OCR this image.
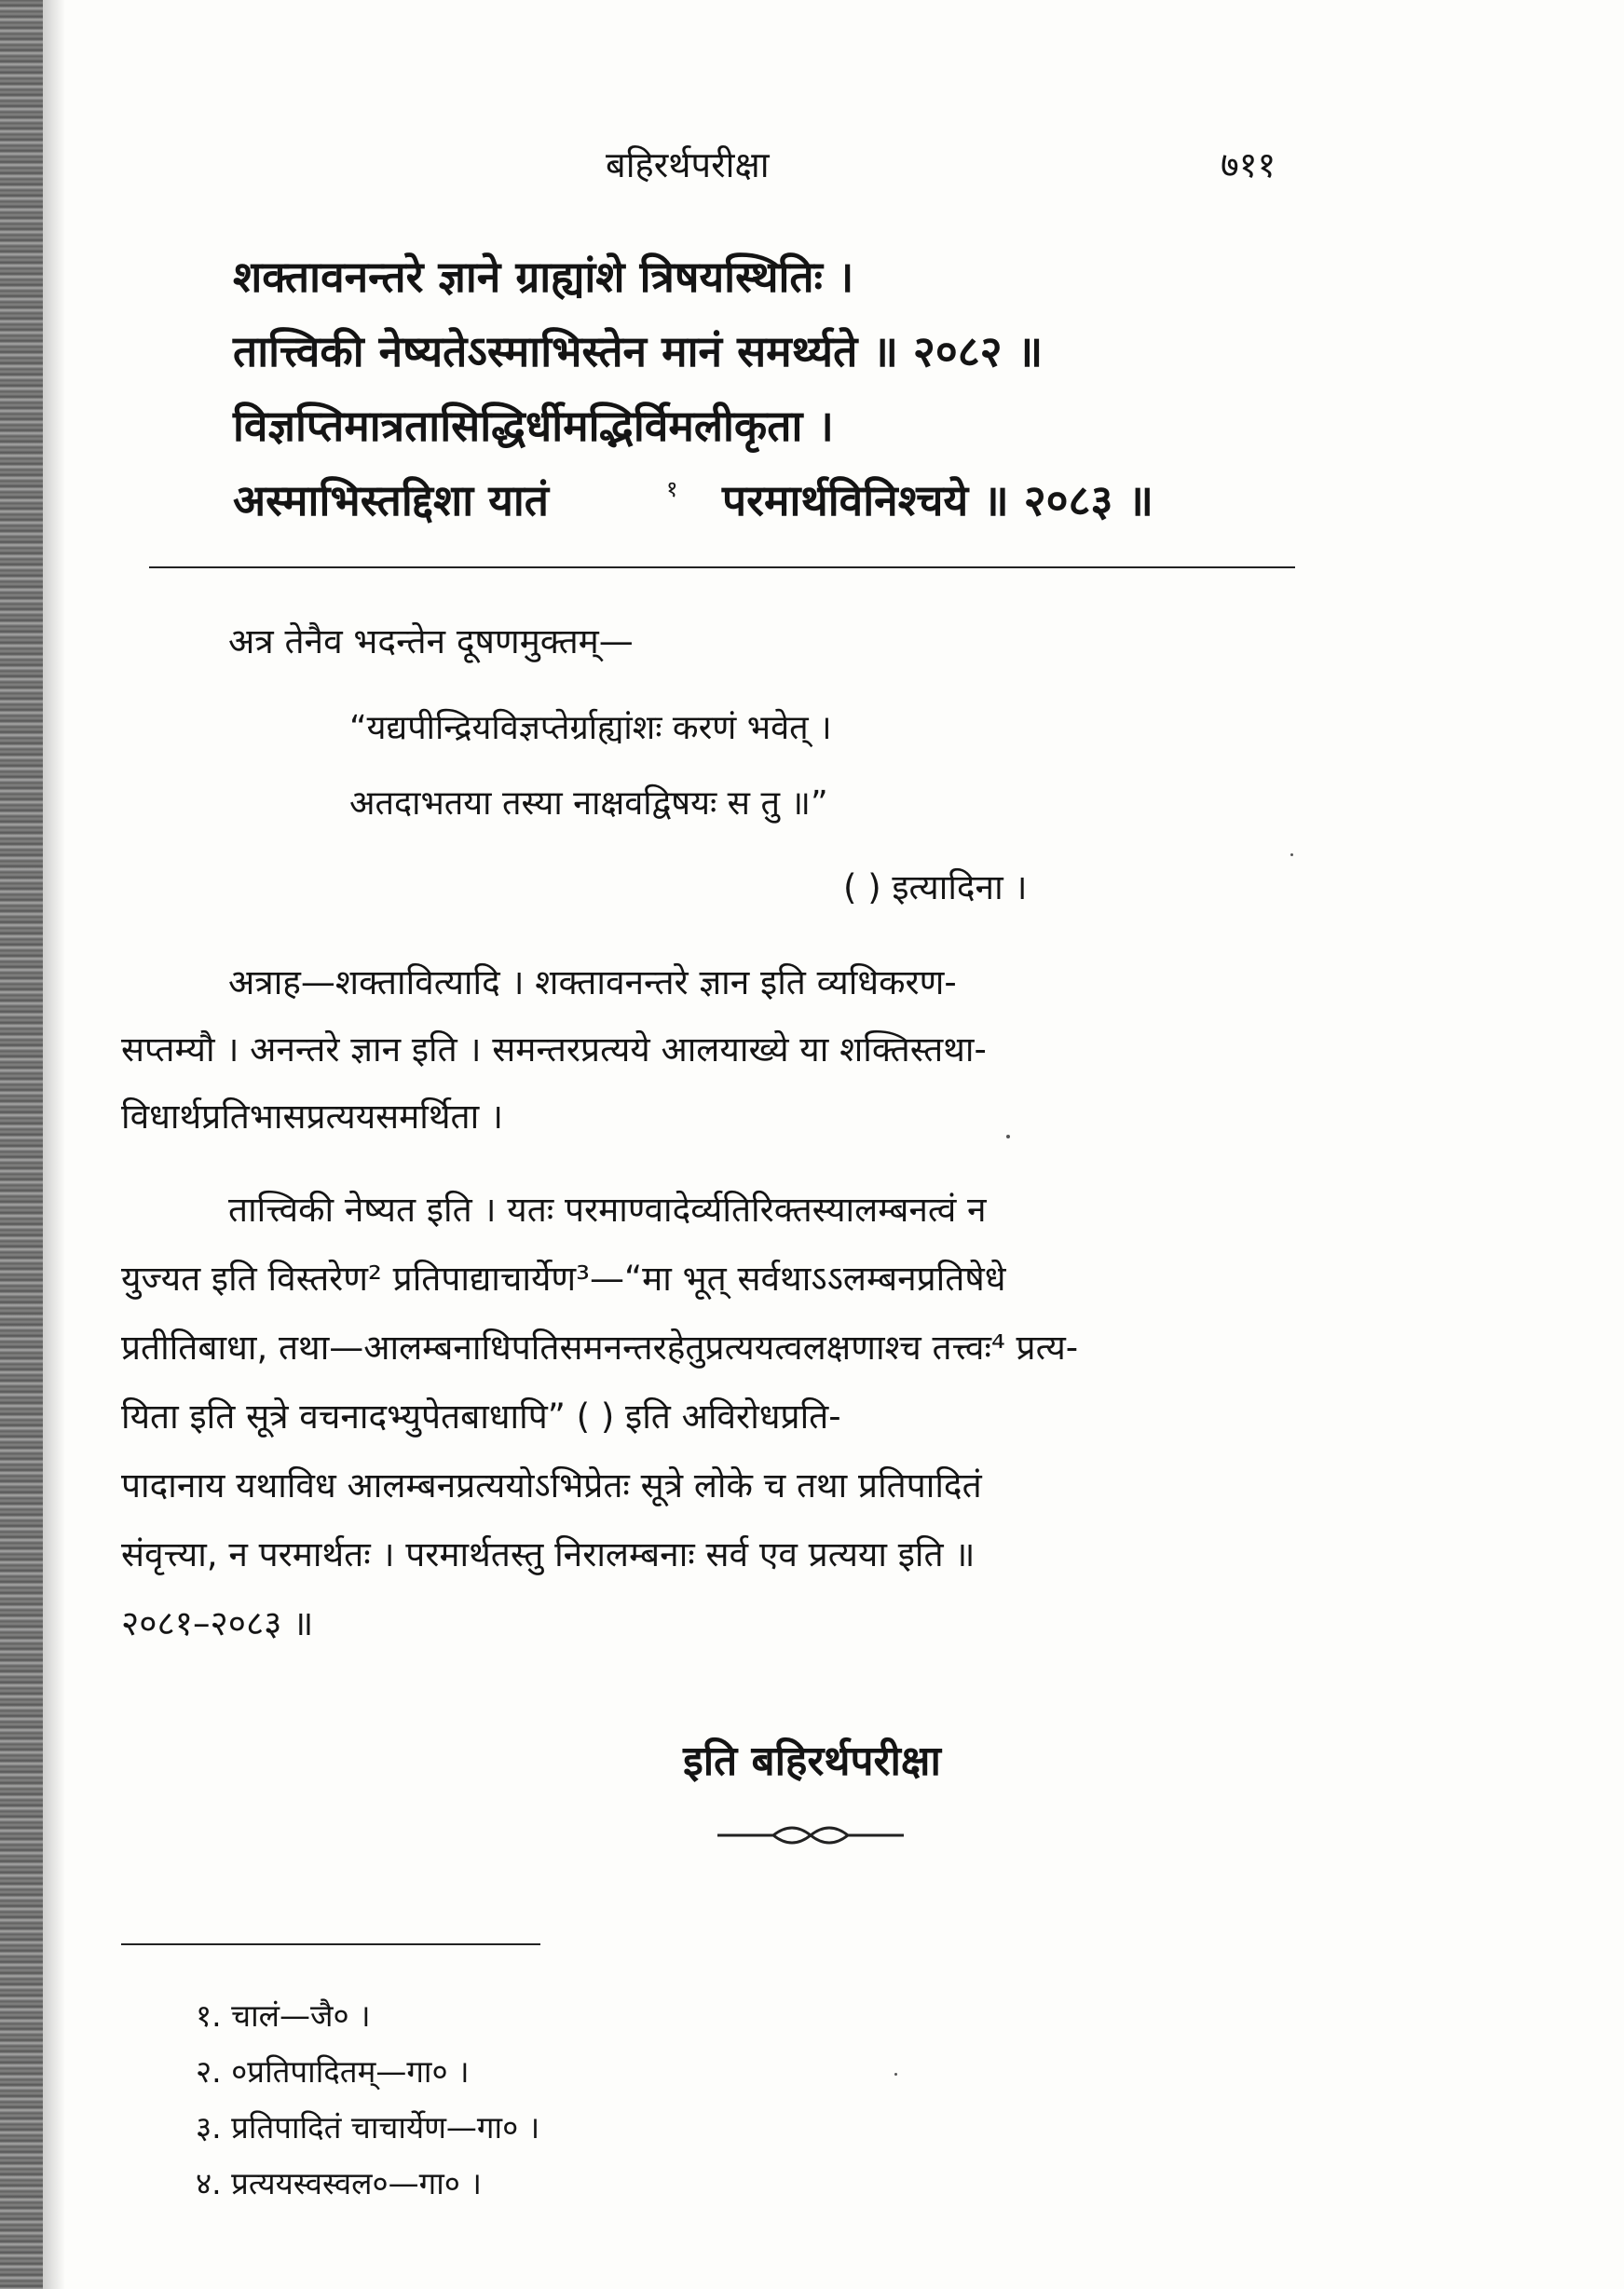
बहिरर्थपरीक्षा	७११
शक्तावनन्तरे ज्ञाने ग्राह्यांशे त्रिषयस्थितिः ।
तात्त्विकी नेष्यतेऽस्माभिस्तेन मानं समर्थ्यते ॥ २०८२ ॥
विज्ञप्तिमात्रतासिद्धिर्धीमद्भिर्विमलीकृता ।
अस्माभिस्तद्दिशा यातं	१ परमार्थविनिश्चये ॥ २०८३ ॥
अत्र तेनैव भदन्तेन दूषणमुक्तम्—
“यद्यपीन्द्रियविज्ञप्तेर्ग्राह्यांशः करणं भवेत् ।
अतदाभतया तस्या नाक्षवद्विषयः स तु ॥”
( ) इत्यादिना ।
अत्राह—शक्तावित्यादि । शक्तावनन्तरे ज्ञान इति व्यधिकरण-
सप्तम्यौ । अनन्तरे ज्ञान इति । समन्तरप्रत्यये आलयाख्ये या शक्तिस्तथा-
विधार्थप्रतिभासप्रत्ययसमर्थिता ।
तात्त्विकी नेष्यत इति । यतः परमाण्वादेर्व्यतिरिक्तस्यालम्बनत्वं न
युज्यत इति विस्तरेण² प्रतिपाद्याचार्येण³—“मा भूत् सर्वथाऽऽलम्बनप्रतिषेधे
प्रतीतिबाधा, तथा—आलम्बनाधिपतिसमनन्तरहेतुप्रत्ययत्वलक्षणाश्च तत्त्वः⁴ प्रत्य-
यिता इति सूत्रे वचनादभ्युपेतबाधापि” ( ) इति अविरोधप्रति-
पादानाय यथाविध आलम्बनप्रत्ययोऽभिप्रेतः सूत्रे लोके च तथा प्रतिपादितं
संवृत्त्या, न परमार्थतः । परमार्थतस्तु निरालम्बनाः सर्व एव प्रत्यया इति ॥
२०८१–२०८३ ॥
इति बहिरर्थपरीक्षा
१. चालं—जै० ।
२. ०प्रतिपादितम्—गा० ।
३. प्रतिपादितं चाचार्येण—गा० ।
४. प्रत्ययस्वस्वल०—गा० ।
